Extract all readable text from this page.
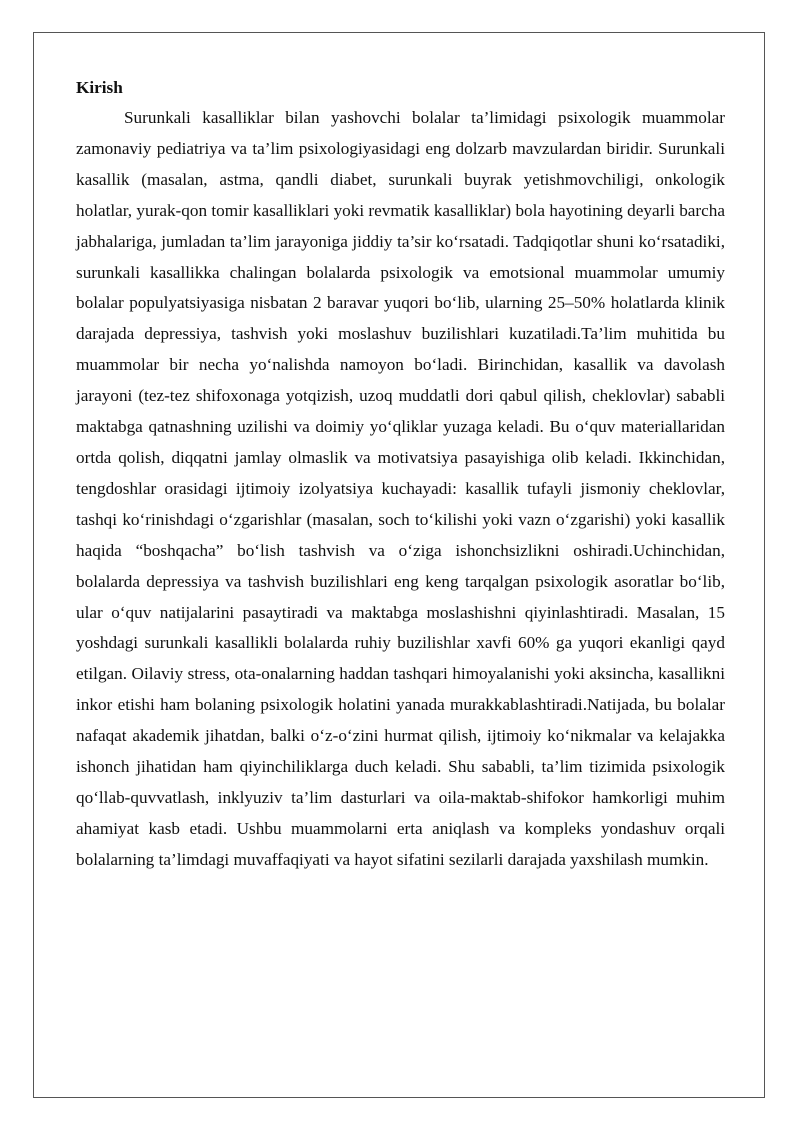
Kirish

Surunkali kasalliklar bilan yashovchi bolalar ta’limidagi psixologik muammolar zamonaviy pediatriya va ta’lim psixologiyasidagi eng dolzarb mavzulardan biridir. Surunkali kasallik (masalan, astma, qandli diabet, surunkali buyrak yetishmovchiligi, onkologik holatlar, yurak-qon tomir kasalliklari yoki revmatik kasalliklar) bola hayotining deyarli barcha jabhalariga, jumladan ta’lim jarayoniga jiddiy ta’sir ko‘rsatadi. Tadqiqotlar shuni ko‘rsatadiki, surunkali kasallikka chalingan bolalarda psixologik va emotsional muammolar umumiy bolalar populyatsiyasiga nisbatan 2 baravar yuqori bo‘lib, ularning 25–50% holatlarda klinik darajada depressiya, tashvish yoki moslashuv buzilishlari kuzatiladi.Ta’lim muhitida bu muammolar bir necha yo‘nalishda namoyon bo‘ladi. Birinchidan, kasallik va davolash jarayoni (tez-tez shifoxonaga yotqizish, uzoq muddatli dori qabul qilish, cheklovlar) sababli maktabga qatnashning uzilishi va doimiy yo‘qliklar yuzaga keladi. Bu o‘quv materiallaridan ortda qolish, diqqatni jamlay olmaslik va motivatsiya pasayishiga olib keladi. Ikkinchidan, tengdoshlar orasidagi ijtimoiy izolyatsiya kuchayadi: kasallik tufayli jismoniy cheklovlar, tashqi ko‘rinishdagi o‘zgarishlar (masalan, soch to‘kilishi yoki vazn o‘zgarishi) yoki kasallik haqida “boshqacha” bo‘lish tashvish va o‘ziga ishonchsizlikni oshiradi.Uchinchidan, bolalarda depressiya va tashvish buzilishlari eng keng tarqalgan psixologik asoratlar bo‘lib, ular o‘quv natijalarini pasaytiradi va maktabga moslashishni qiyinlashtiradi. Masalan, 15 yoshdagi surunkali kasallikli bolalarda ruhiy buzilishlar xavfi 60% ga yuqori ekanligi qayd etilgan. Oilaviy stress, ota-onalarning haddan tashqari himoyalanishi yoki aksincha, kasallikni inkor etishi ham bolaning psixologik holatini yanada murakkablashtiradi.Natijada, bu bolalar nafaqat akademik jihatdan, balki o‘z-o‘zini hurmat qilish, ijtimoiy ko‘nikmalar va kelajakka ishonch jihatidan ham qiyinchiliklarga duch keladi. Shu sababli, ta’lim tizimida psixologik qo‘llab-quvvatlash, inklyuziv ta’lim dasturlari va oila-maktab-shifokor hamkorligi muhim ahamiyat kasb etadi. Ushbu muammolarni erta aniqlash va kompleks yondashuv orqali bolalarning ta’limdagi muvaffaqiyati va hayot sifatini sezilarli darajada yaxshilash mumkin.
